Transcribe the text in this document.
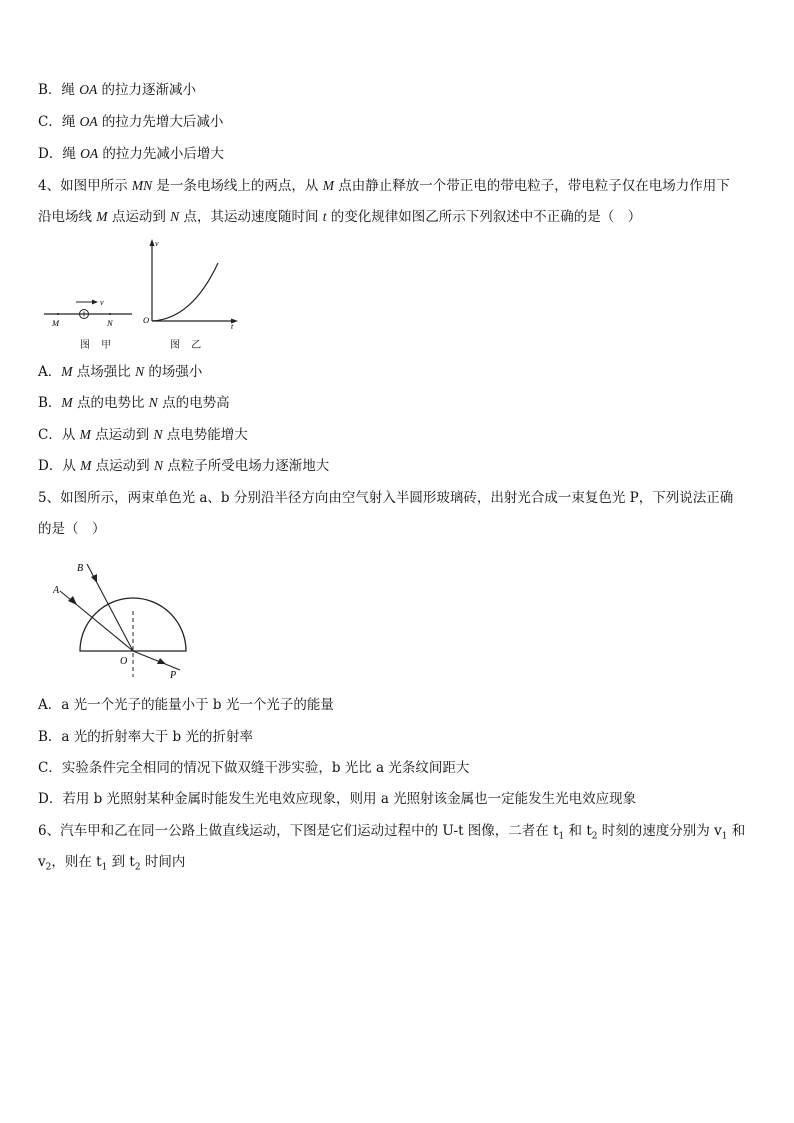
B．绳 OA 的拉力逐渐减小
C．绳 OA 的拉力先增大后减小
D．绳 OA 的拉力先减小后增大
4、如图甲所示 MN 是一条电场线上的两点，从 M 点由静止释放一个带正电的带电粒子，带电粒子仅在电场力作用下
沿电场线 M 点运动到 N 点，其运动速度随时间 t 的变化规律如图乙所示下列叙述中不正确的是（　）
v
M	N
图 甲
v
O
t
图 乙
A．M 点场强比 N 的场强小
B．M 点的电势比 N 点的电势高
C．从 M 点运动到 N 点电势能增大
D．从 M 点运动到 N 点粒子所受电场力逐渐地大
5、如图所示，两束单色光 a、b 分别沿半径方向由空气射入半圆形玻璃砖，出射光合成一束复色光 P，下列说法正确
的是（　）
A
B
O
P
A．a 光一个光子的能量小于 b 光一个光子的能量
B．a 光的折射率大于 b 光的折射率
C．实验条件完全相同的情况下做双缝干涉实验，b 光比 a 光条纹间距大
D．若用 b 光照射某种金属时能发生光电效应现象，则用 a 光照射该金属也一定能发生光电效应现象
6、汽车甲和乙在同一公路上做直线运动，下图是它们运动过程中的 U-t 图像，二者在 $t_1$ 和 $t_2$ 时刻的速度分别为 $v_1$ 和
$v_2$，则在 $t_1$ 到 $t_2$ 时间内
